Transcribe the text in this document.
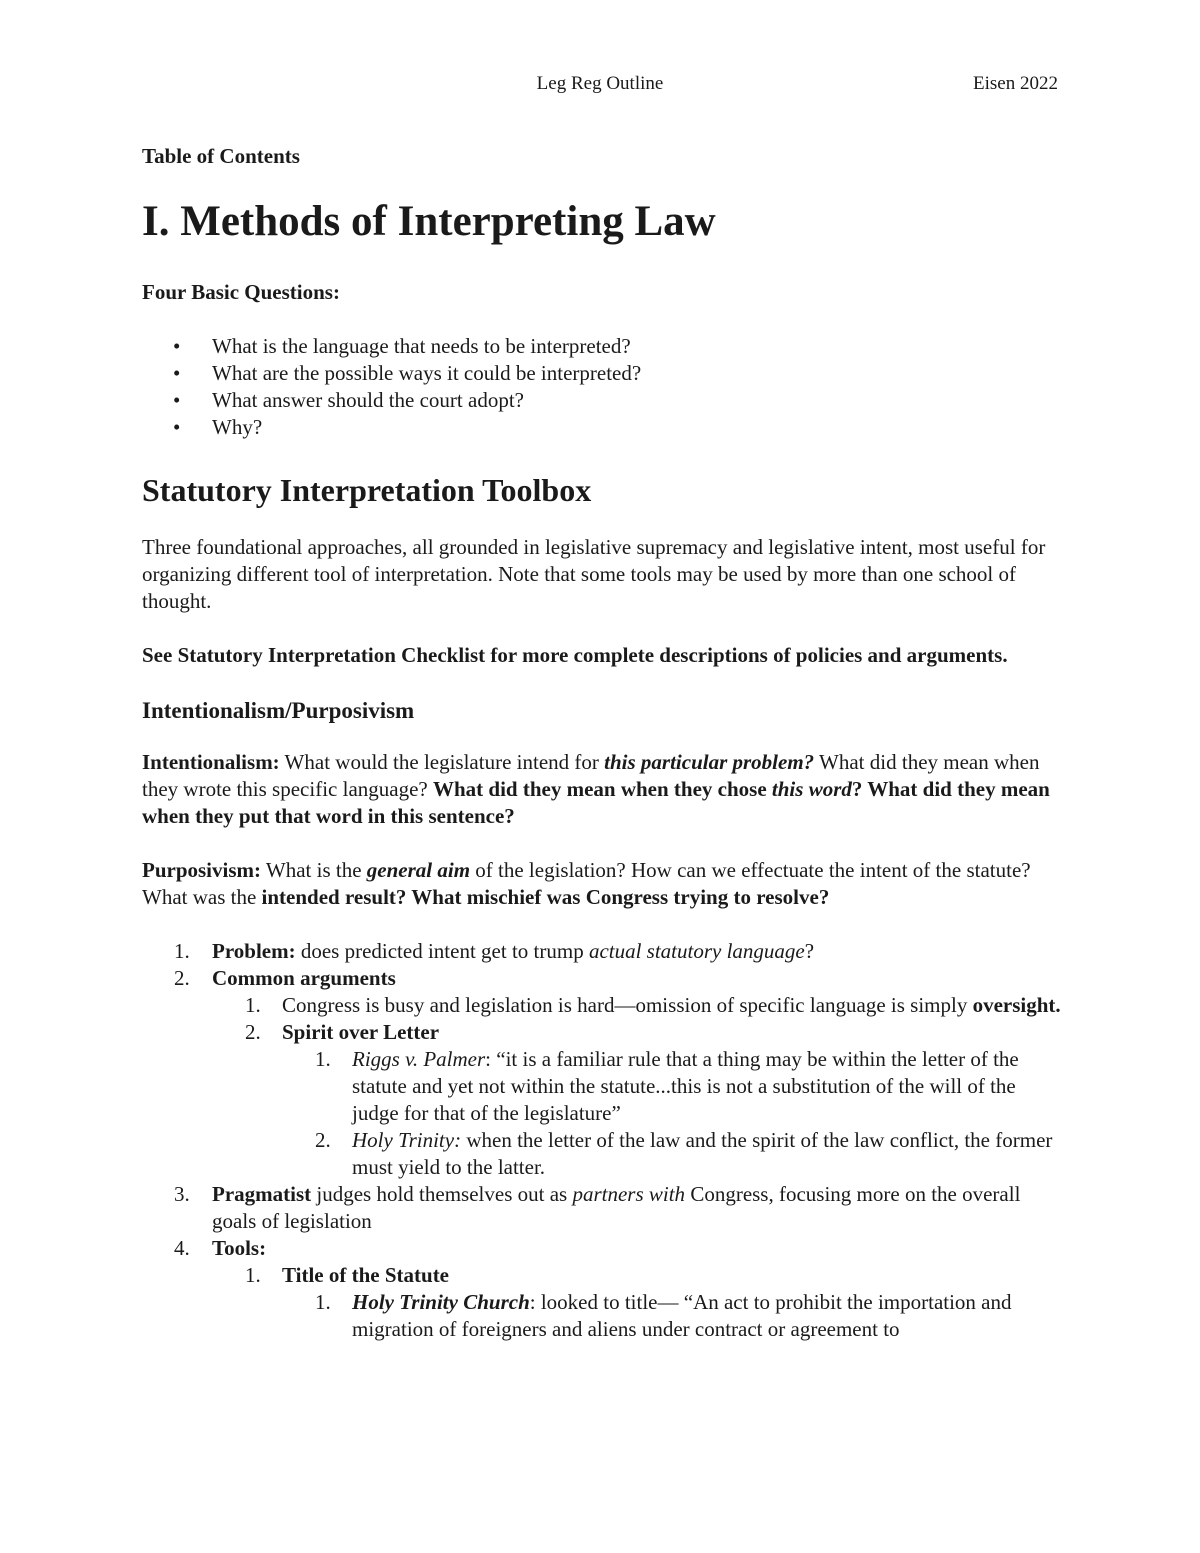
Leg Reg Outline	Eisen 2022
Table of Contents
I. Methods of Interpreting Law
Four Basic Questions:
• What is the language that needs to be interpreted?
• What are the possible ways it could be interpreted?
• What answer should the court adopt?
• Why?
Statutory Interpretation Toolbox

Three foundational approaches, all grounded in legislative supremacy and legislative intent, most useful for organizing different tool of interpretation. Note that some tools may be used by more than one school of thought.

See Statutory Interpretation Checklist for more complete descriptions of policies and arguments.

Intentionalism/Purposivism

Intentionalism: What would the legislature intend for this particular problem? What did they mean when they wrote this specific language? What did they mean when they chose this word? What did they mean when they put that word in this sentence?

Purposivism: What is the general aim of the legislation? How can we effectuate the intent of the statute? What was the intended result? What mischief was Congress trying to resolve?

1.	Problem: does predicted intent get to trump actual statutory language?
2.	Common arguments
1.	Congress is busy and legislation is hard—omission of specific language is simply oversight.
2.	Spirit over Letter
1.	Riggs v. Palmer: “it is a familiar rule that a thing may be within the letter of the statute and yet not within the statute...this is not a substitution of the will of the judge for that of the legislature”
2.	Holy Trinity: when the letter of the law and the spirit of the law conflict, the former must yield to the latter.
3.	Pragmatist judges hold themselves out as partners with Congress, focusing more on the overall goals of legislation
4.	Tools:
1.	Title of the Statute
1.	Holy Trinity Church: looked to title— “An act to prohibit the importation and migration of foreigners and aliens under contract or agreement to
